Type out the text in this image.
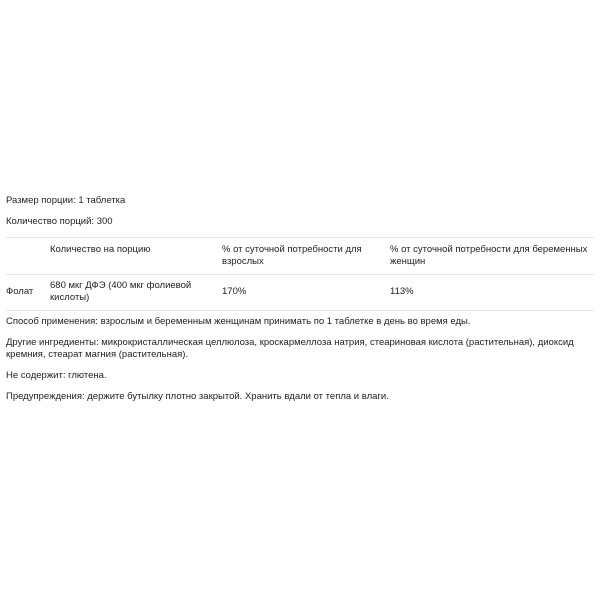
Размер порции: 1 таблетка
Количество порций: 300
	Количество на порцию	% от суточной потребности для взрослых	% от суточной потребности для беременных женщин
Фолат	680 мкг ДФЭ (400 мкг фолиевой кислоты)	170%	113%
Способ применения: взрослым и беременным женщинам принимать по 1 таблетке в день во время еды.
Другие ингредиенты: микрокристаллическая целлюлоза, кроскармеллоза натрия, стеариновая кислота (растительная), диоксид кремния, стеарат магния (растительная).
Не содержит: глютена.
Предупреждения: держите бутылку плотно закрытой. Хранить вдали от тепла и влаги.
